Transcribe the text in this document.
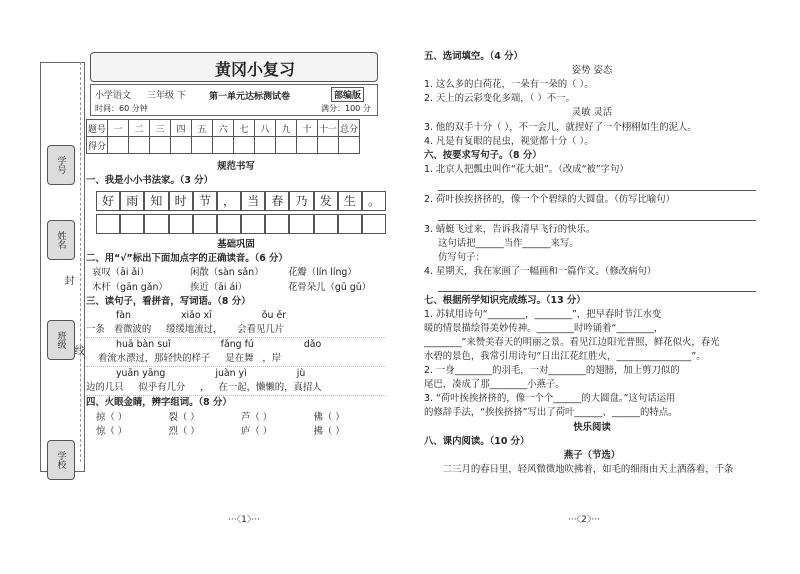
学号
姓名
封
班级
线
学校
黄冈小复习
小学语文 三年级 下	第一单元达标测试卷	部编版
时间：60 分钟	满分：100 分
题号	一	二	三	四	五	六	七	八	九	十	十一	总分
得分												
规范书写
一、我是小小书法家。（3 分）
好	雨	知	时	节	，	当	春	乃	发	生	。
基础巩固
二、用“√”标出下面加点字的正确读音。（6 分）
哀叹（āi ǎi）	闲散（sàn sǎn）	花瓣（lín líng）
木杆（gān gǎn）	挨近（āi ái）	花骨朵儿（gū gǔ）
三、读句子，看拼音，写词语。（8 分）
fàn	xiǎo xī	ǒu ěr
一条   着微波的     缓缓地流过，     会看见几片
huā bàn suǐ	fǎng fú	dǎo
着流水漂过，那轻快的样子     是在舞   ，岸
yuān yāng	juàn yì	jù
边的几只     似乎有几分     ，   在一起，懒懒的，真招人
四、火眼金睛，辨字组词。（8 分）
掠（ ）	裂（ ）	芦（ ）	佛（ ）
惊（ ）	烈（ ）	庐（ ）	拂（ ）
五、选词填空。（4 分）
姿势 姿态
1. 这么多的白荷花，一朵有一朵的（ ）。
2. 天上的云彩变化多端，（ ）不一。
灵敏 灵活
3. 他的双手十分（ ），不一会儿，就捏好了一个栩栩如生的泥人。
4. 凡是有复眼的昆虫，视觉都十分（ ）。
六、按要求写句子。（8 分）
1. 北京人把瓢虫叫作“花大姐”。（改成“被”字句）
2. 荷叶挨挨挤挤的，像一个个碧绿的大圆盘。（仿写比喻句）
3. 蜻蜓飞过来，告诉我清早飞行的快乐。
这句话把______当作______来写。
仿写句子：
4. 星期天，我在家画了一幅画和一篇作文。（修改病句）
七、根据所学知识完成练习。（13 分）
1. 苏轼用诗句“________，________”，把早春时节江水变
暖的情景描绘得美妙传神。________时吟诵着“________，
________”来赞美春天的明丽之景。看见江边阳光普照，鲜花似火，春光
水碧的景色，我常引用诗句“日出江花红胜火，________________”。
2. 一身________的羽毛，一对________的翅膀，加上剪刀似的
尾巴，凑成了那________小燕子。
3. “荷叶挨挨挤挤的，像一个个______的大圆盘。”这句话运用
的修辞手法，“挨挨挤挤”写出了荷叶______、______的特点。
快乐阅读
八、课内阅读。（10 分）
燕子（节选）
二三月的春日里，轻风微微地吹拂着，如毛的细雨由天上洒落着，千条
···〈1〉···	···〈2〉···
